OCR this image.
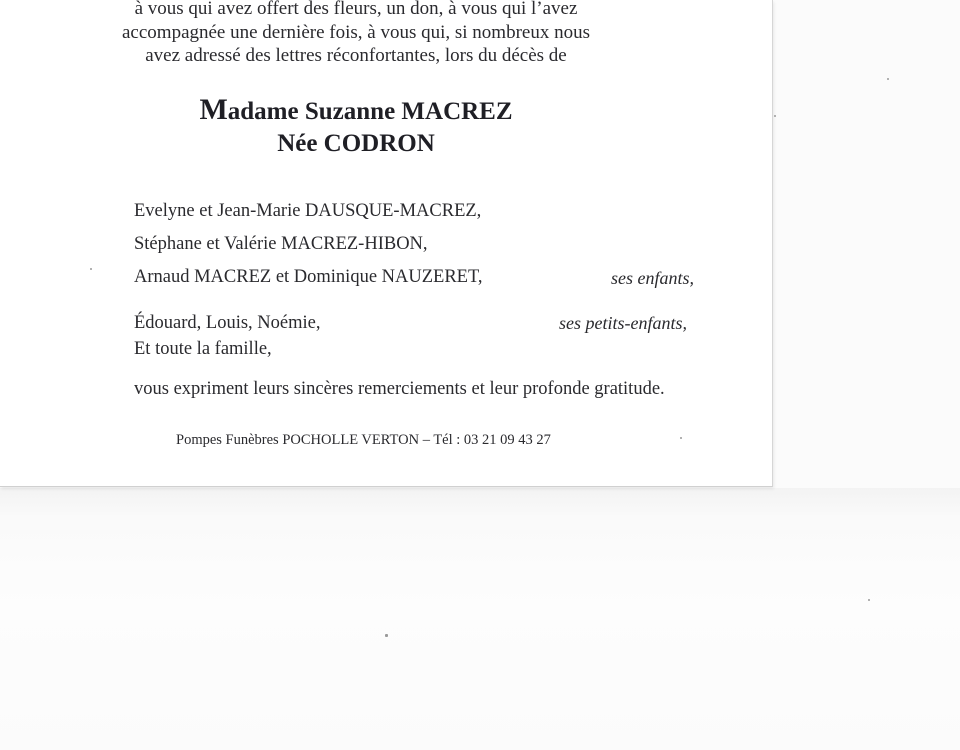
à vous qui avez offert des fleurs, un don, à vous qui l’avez
accompagnée une dernière fois, à vous qui, si nombreux nous
avez adressé des lettres réconfortantes, lors du décès de
Madame Suzanne MACREZ
Née CODRON
Evelyne et Jean-Marie DAUSQUE-MACREZ,
Stéphane et Valérie MACREZ-HIBON,
Arnaud MACREZ et Dominique NAUZERET,	ses enfants,
Édouard, Louis, Noémie,	ses petits-enfants,
Et toute la famille,
vous expriment leurs sincères remerciements et leur profonde gratitude.
Pompes Funèbres POCHOLLE VERTON – Tél : 03 21 09 43 27
